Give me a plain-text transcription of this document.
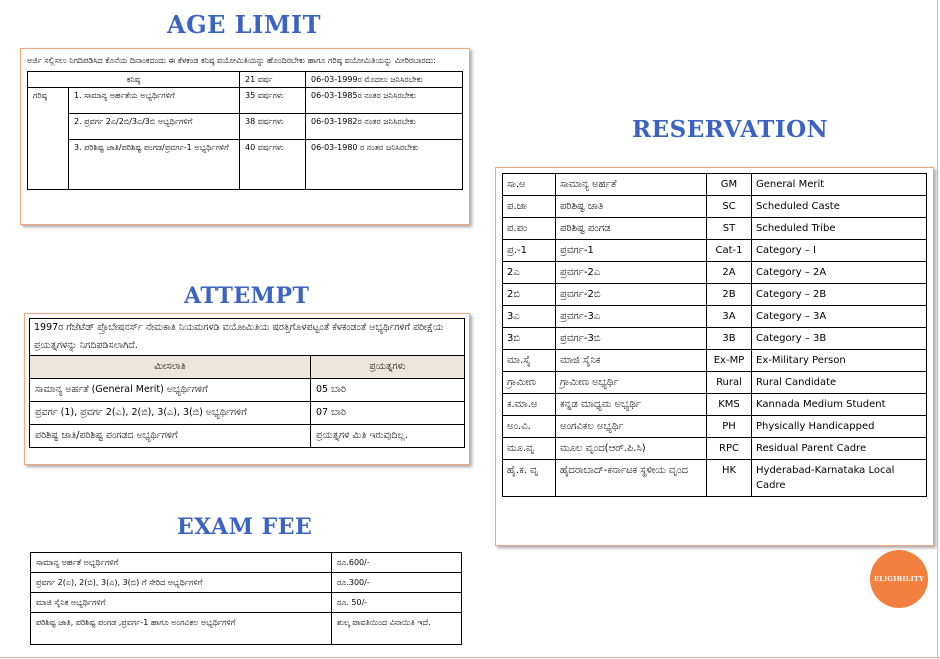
AGE LIMIT
ಅರ್ಜಿ ಸಲ್ಲಿಸಲು ನಿಗದಿಪಡಿಸಿದ ಕೊನೆಯ ದಿನಾಂಕದಂದು ಈ ಕೆಳಕಂಡ ಕನಿಷ್ಠ ವಯೋಮಿತಿಯನ್ನು ಹೊಂದಿರಬೇಕು ಹಾಗೂ ಗರಿಷ್ಠ ವಯೋಮಿತಿಯನ್ನು ಮೀರಿರಬಾರದು:
ಕನಿಷ್ಠ		21 ವರ್ಷ	06-03-1999ರ ಮೊದಲು ಜನಿಸಿರಬೇಕು
ಗರಿಷ್ಠ	1. ಸಾಮಾನ್ಯ ಅರ್ಹತೆಯ ಅಭ್ಯರ್ಥಿಗಳಿಗೆ	35 ವರ್ಷಗಳು	06-03-1985ರ ನಂತರ ಜನಿಸಿರಬೇಕು
	2. ಪ್ರವರ್ಗ 2ಎ/2ಬಿ/3ಎ/3ಬಿ ಅಭ್ಯರ್ಥಿಗಳಿಗೆ	38 ವರ್ಷಗಳು	06-03-1982ರ ನಂತರ ಜನಿಸಿರಬೇಕು
	3. ಪರಿಶಿಷ್ಟ ಜಾತಿ/ಪರಿಶಿಷ್ಟ ಪಂಗಡ/ಪ್ರವರ್ಗ-1 ಅಭ್ಯರ್ಥಿಗಳಿಗೆ	40 ವರ್ಷಗಳು	06-03-1980 ರ ನಂತರ ಜನಿಸಿರಬೇಕು
ATTEMPT
1997ರ ಗೆಜೆಟೆಡ್ ಪ್ರೊಬೇಷನರ್ಸ್ ನೇಮಕಾತಿ ನಿಯಮಗಳಡಿ ವಯೋಮಿತಿಯ ಷರತ್ತಿಗೊಳಪಟ್ಟಂತೆ ಕೆಳಕಂಡಂತೆ ಅಭ್ಯರ್ಥಿಗಳಿಗೆ ಪರೀಕ್ಷೆಯ ಪ್ರಯತ್ನಗಳನ್ನು ನಿಗದಿಪಡಿಸಲಾಗಿದೆ.
ಮೀಸಲಾತಿ	ಪ್ರಯತ್ನಗಳು
ಸಾಮಾನ್ಯ ಅರ್ಹತೆ (General Merit) ಅಭ್ಯರ್ಥಿಗಳಿಗೆ	05 ಬಾರಿ
ಪ್ರವರ್ಗ (1), ಪ್ರವರ್ಗ 2(ಎ), 2(ಬಿ), 3(ಎ), 3(ಬಿ) ಅಭ್ಯರ್ಥಿಗಳಿಗೆ	07 ಬಾರಿ
ಪರಿಶಿಷ್ಟ ಜಾತಿ/ಪರಿಶಿಷ್ಟ ಪಂಗಡದ ಅಭ್ಯರ್ಥಿಗಳಿಗೆ	ಪ್ರಯತ್ನಗಳ ಮಿತಿ ಇರುವುದಿಲ್ಲ.
EXAM FEE
ಸಾಮಾನ್ಯ ಅರ್ಹತೆ ಅಭ್ಯರ್ಥಿಗಳಿಗೆ	ರೂ.600/-
ಪ್ರವರ್ಗ 2(ಎ), 2(ಬಿ), 3(ಎ), 3(ಬಿ) ಗೆ ಸೇರಿದ ಅಭ್ಯರ್ಥಿಗಳಿಗೆ	ರೂ.300/-
ಮಾಜಿ ಸೈನಿಕ ಅಭ್ಯರ್ಥಿಗಳಿಗೆ	ರೂ. 50/-
ಪರಿಶಿಷ್ಟ ಜಾತಿ, ಪರಿಶಿಷ್ಟ ಪಂಗಡ ,ಪ್ರವರ್ಗ-1 ಹಾಗೂ ಅಂಗವಿಕಲ ಅಭ್ಯರ್ಥಿಗಳಿಗೆ	ಶುಲ್ಕ ಪಾವತಿಯಿಂದ ವಿನಾಯಿತಿ ಇದೆ.
RESERVATION
ಸಾ.ಅ	ಸಾಮಾನ್ಯ ಅರ್ಹತೆ	GM	General Merit
ಪ.ಜಾ	ಪರಿಶಿಷ್ಟ ಜಾತಿ	SC	Scheduled Caste
ಪ.ಪಂ	ಪರಿಶಿಷ್ಟ ಪಂಗಡ	ST	Scheduled Tribe
ಪ್ರ.-1	ಪ್ರವರ್ಗ-1	Cat-1	Category – I
2ಎ	ಪ್ರವರ್ಗ-2ಎ	2A	Category – 2A
2ಬಿ	ಪ್ರವರ್ಗ-2ಬಿ	2B	Category – 2B
3ಎ	ಪ್ರವರ್ಗ-3ಎ	3A	Category – 3A
3ಬಿ	ಪ್ರವರ್ಗ-3ಬಿ	3B	Category – 3B
ಮಾ.ಸೈ	ಮಾಜಿ ಸೈನಿಕ	Ex-MP	Ex-Military Person
ಗ್ರಾಮೀಣ	ಗ್ರಾಮೀಣ ಅಭ್ಯರ್ಥಿ	Rural	Rural Candidate
ಕ.ಮಾ.ಅ	ಕನ್ನಡ ಮಾಧ್ಯಮ ಅಭ್ಯರ್ಥಿ	KMS	Kannada Medium Student
ಅಂ.ವಿ.	ಅಂಗವಿಕಲ ಅಭ್ಯರ್ಥಿ	PH	Physically Handicapped
ಮೂ.ವೃ	ಮೂಲ ವೃಂದ(ಆರ್.ಪಿ.ಸಿ)	RPC	Residual Parent Cadre
ಹೈ.ಕ. ವೃ	ಹೈದರಾಬಾದ್-ಕರ್ನಾಟಕ ಸ್ಥಳೀಯ ವೃಂದ	HK	Hyderabad-Karnataka Local Cadre
ELIGIBILITY
